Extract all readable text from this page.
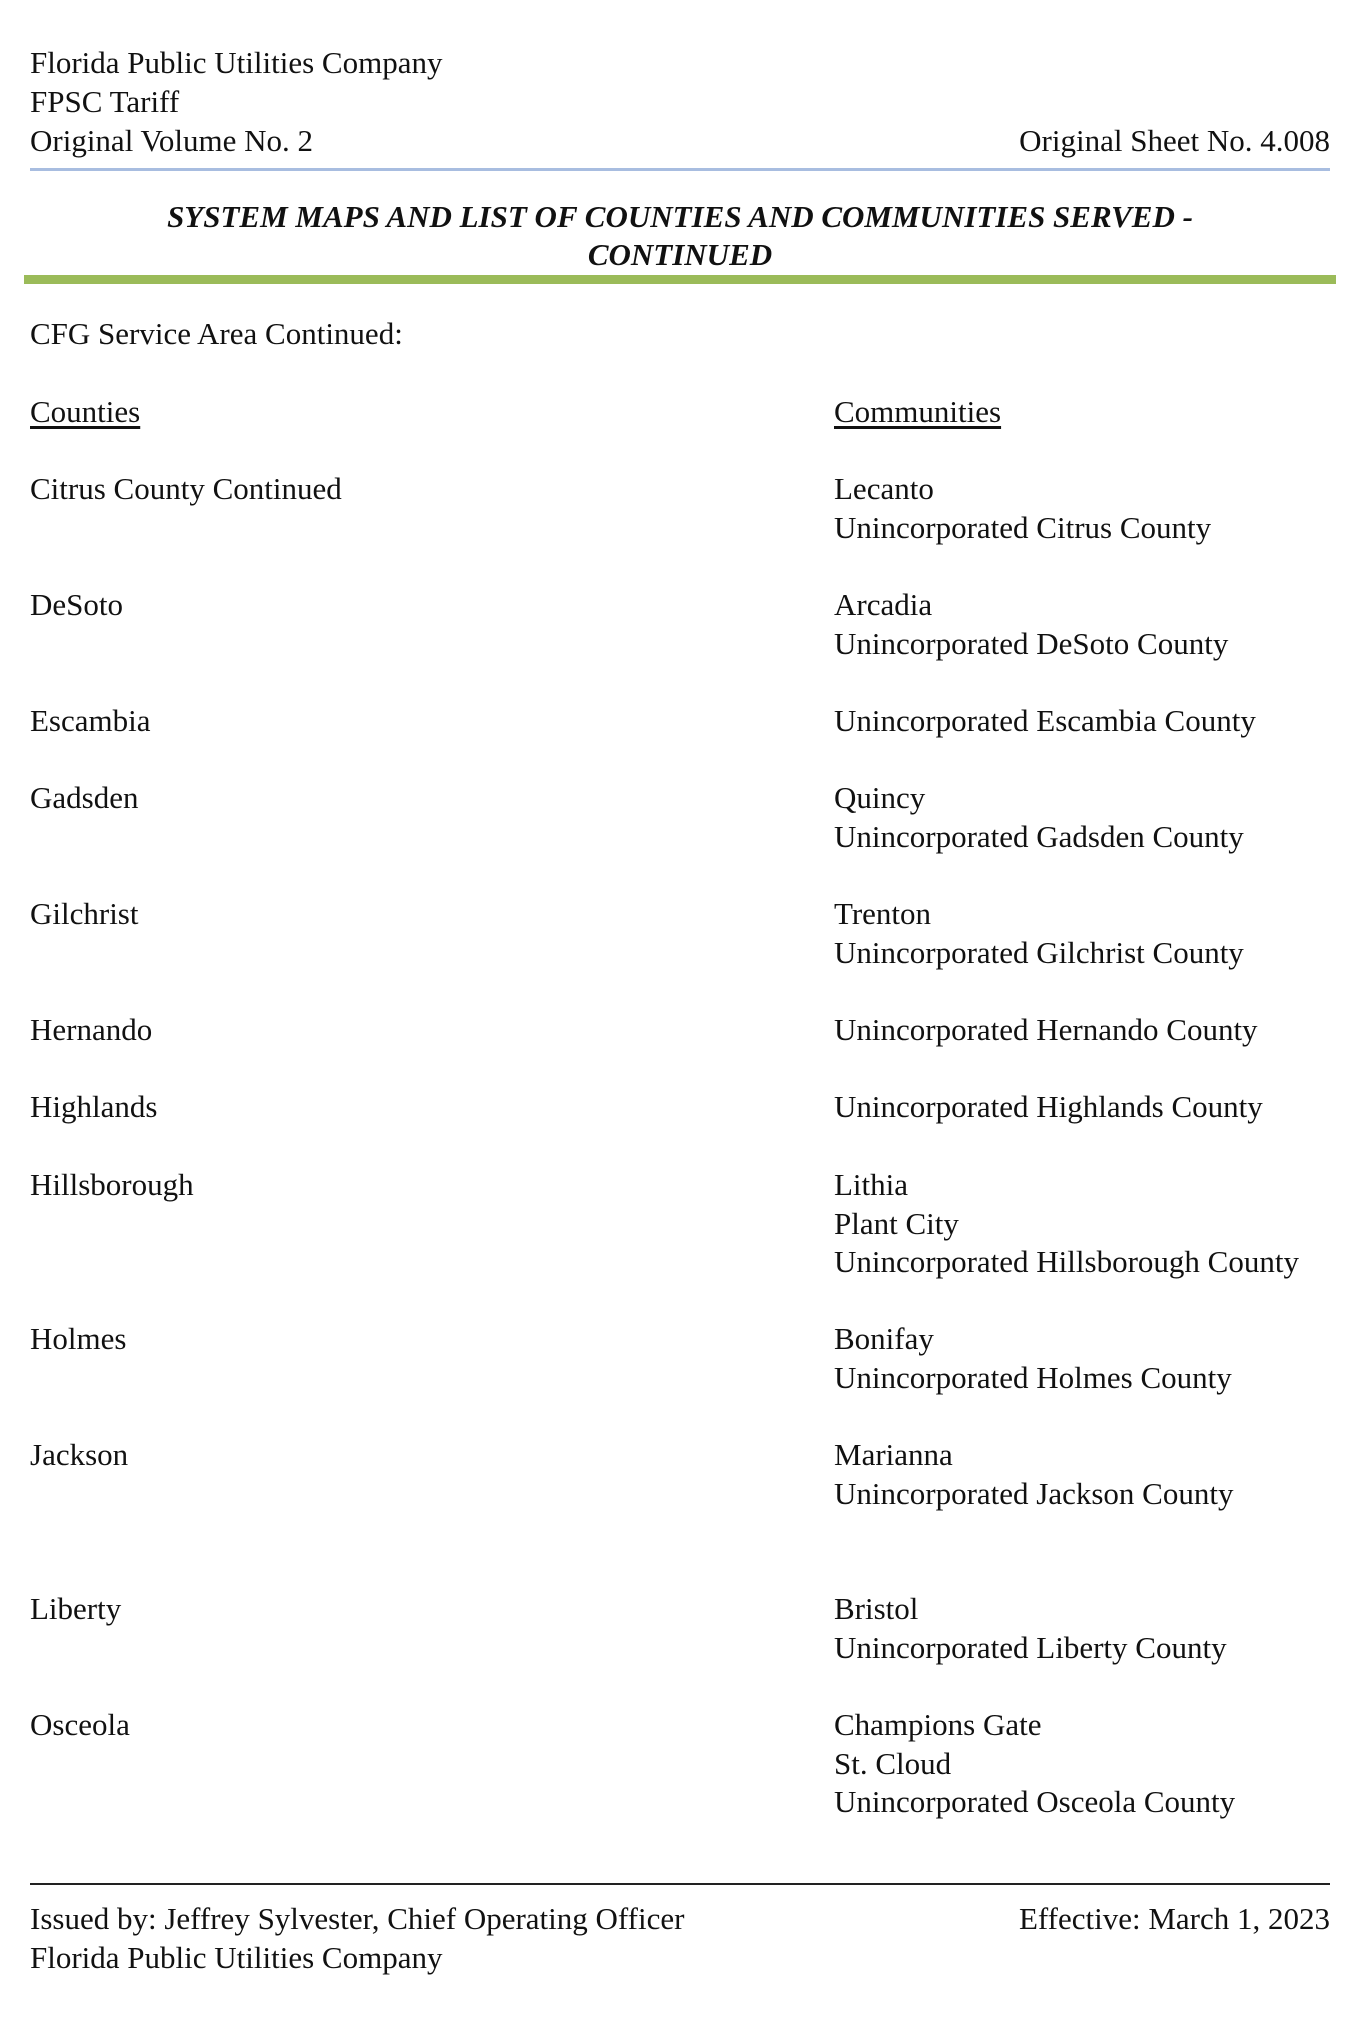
Florida Public Utilities Company
FPSC Tariff
Original Volume No. 2	Original Sheet No. 4.008
SYSTEM MAPS AND LIST OF COUNTIES AND COMMUNITIES SERVED -
CONTINUED
CFG Service Area Continued:
Counties	Communities
Citrus County Continued	Lecanto
Unincorporated Citrus County
DeSoto	Arcadia
Unincorporated DeSoto County
Escambia	Unincorporated Escambia County
Gadsden	Quincy
Unincorporated Gadsden County
Gilchrist	Trenton
Unincorporated Gilchrist County
Hernando	Unincorporated Hernando County
Highlands	Unincorporated Highlands County
Hillsborough	Lithia
Plant City
Unincorporated Hillsborough County
Holmes	Bonifay
Unincorporated Holmes County
Jackson	Marianna
Unincorporated Jackson County
Liberty	Bristol
Unincorporated Liberty County
Osceola	Champions Gate
St. Cloud
Unincorporated Osceola County
Issued by: Jeffrey Sylvester, Chief Operating Officer	Effective: March 1, 2023
Florida Public Utilities Company
